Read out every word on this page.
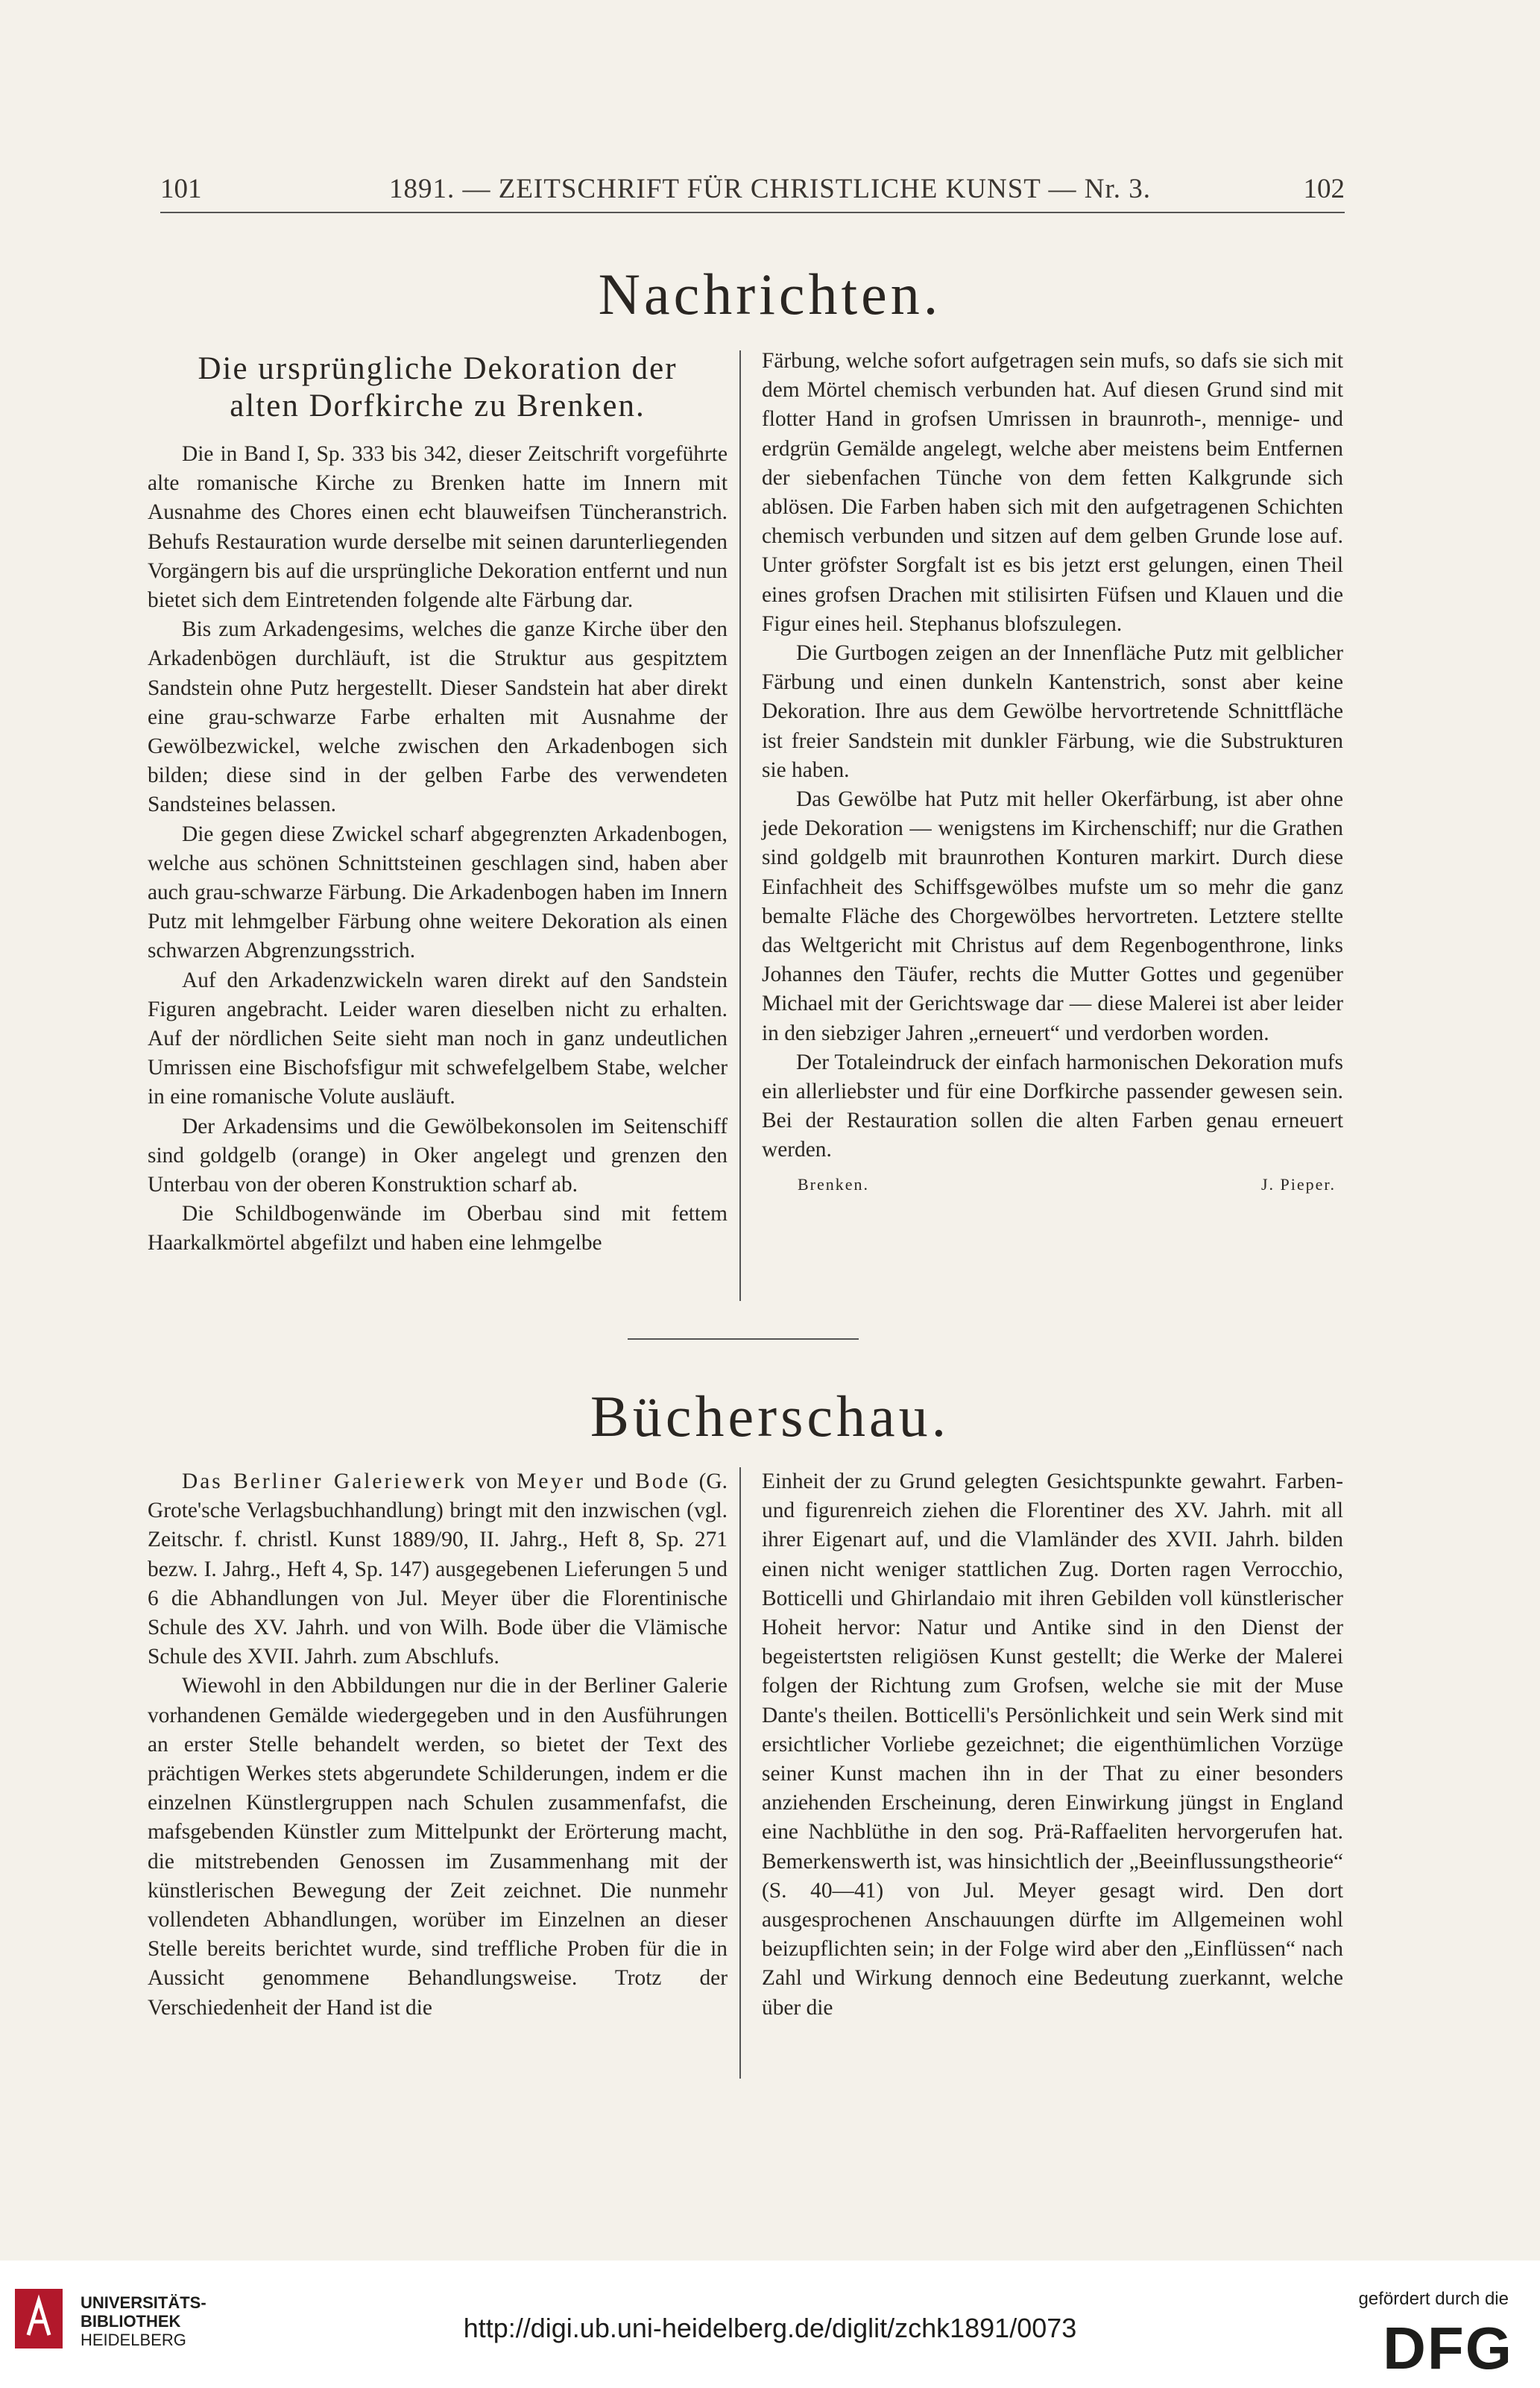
101	1891. — ZEITSCHRIFT FÜR CHRISTLICHE KUNST — Nr. 3.	102
Nachrichten.
Die ursprüngliche Dekoration der
alten Dorfkirche zu Brenken.

Die in Band I, Sp. 333 bis 342, dieser Zeitschrift vorgeführte alte romanische Kirche zu Brenken hatte im Innern mit Ausnahme des Chores einen echt blauweifsen Tüncheranstrich. Behufs Restauration wurde derselbe mit seinen darunterliegenden Vorgängern bis auf die ursprüngliche Dekoration entfernt und nun bietet sich dem Eintretenden folgende alte Färbung dar.

Bis zum Arkadengesims, welches die ganze Kirche über den Arkadenbögen durchläuft, ist die Struktur aus gespitztem Sandstein ohne Putz hergestellt. Dieser Sandstein hat aber direkt eine grau-schwarze Farbe erhalten mit Ausnahme der Gewölbezwickel, welche zwischen den Arkadenbogen sich bilden; diese sind in der gelben Farbe des verwendeten Sandsteines belassen.

Die gegen diese Zwickel scharf abgegrenzten Arkadenbogen, welche aus schönen Schnittsteinen geschlagen sind, haben aber auch grau-schwarze Färbung. Die Arkadenbogen haben im Innern Putz mit lehmgelber Färbung ohne weitere Dekoration als einen schwarzen Abgrenzungsstrich.

Auf den Arkadenzwickeln waren direkt auf den Sandstein Figuren angebracht. Leider waren dieselben nicht zu erhalten. Auf der nördlichen Seite sieht man noch in ganz undeutlichen Umrissen eine Bischofsfigur mit schwefelgelbem Stabe, welcher in eine romanische Volute ausläuft.

Der Arkadensims und die Gewölbekonsolen im Seitenschiff sind goldgelb (orange) in Oker angelegt und grenzen den Unterbau von der oberen Konstruktion scharf ab.

Die Schildbogenwände im Oberbau sind mit fettem Haarkalkmörtel abgefilzt und haben eine lehmgelbe

Färbung, welche sofort aufgetragen sein mufs, so dafs sie sich mit dem Mörtel chemisch verbunden hat. Auf diesen Grund sind mit flotter Hand in grofsen Umrissen in braunroth-, mennige- und erdgrün Gemälde angelegt, welche aber meistens beim Entfernen der siebenfachen Tünche von dem fetten Kalkgrunde sich ablösen. Die Farben haben sich mit den aufgetragenen Schichten chemisch verbunden und sitzen auf dem gelben Grunde lose auf. Unter gröfster Sorgfalt ist es bis jetzt erst gelungen, einen Theil eines grofsen Drachen mit stilisirten Füfsen und Klauen und die Figur eines heil. Stephanus blofszulegen.

Die Gurtbogen zeigen an der Innenfläche Putz mit gelblicher Färbung und einen dunkeln Kantenstrich, sonst aber keine Dekoration. Ihre aus dem Gewölbe hervortretende Schnittfläche ist freier Sandstein mit dunkler Färbung, wie die Substrukturen sie haben.

Das Gewölbe hat Putz mit heller Okerfärbung, ist aber ohne jede Dekoration — wenigstens im Kirchenschiff; nur die Grathen sind goldgelb mit braunrothen Konturen markirt. Durch diese Einfachheit des Schiffsgewölbes mufste um so mehr die ganz bemalte Fläche des Chorgewölbes hervortreten. Letztere stellte das Weltgericht mit Christus auf dem Regenbogenthrone, links Johannes den Täufer, rechts die Mutter Gottes und gegenüber Michael mit der Gerichtswage dar — diese Malerei ist aber leider in den siebziger Jahren „erneuert“ und verdorben worden.

Der Totaleindruck der einfach harmonischen Dekoration mufs ein allerliebster und für eine Dorfkirche passender gewesen sein. Bei der Restauration sollen die alten Farben genau erneuert werden.

Brenken.	J. Pieper.
Bücherschau.

Das Berliner Galeriewerk von Meyer und Bode (G. Grote'sche Verlagsbuchhandlung) bringt mit den inzwischen (vgl. Zeitschr. f. christl. Kunst 1889/90, II. Jahrg., Heft 8, Sp. 271 bezw. I. Jahrg., Heft 4, Sp. 147) ausgegebenen Lieferungen 5 und 6 die Abhandlungen von Jul. Meyer über die Florentinische Schule des XV. Jahrh. und von Wilh. Bode über die Vlämische Schule des XVII. Jahrh. zum Abschlufs.

Wiewohl in den Abbildungen nur die in der Berliner Galerie vorhandenen Gemälde wiedergegeben und in den Ausführungen an erster Stelle behandelt werden, so bietet der Text des prächtigen Werkes stets abgerundete Schilderungen, indem er die einzelnen Künstlergruppen nach Schulen zusammenfafst, die mafsgebenden Künstler zum Mittelpunkt der Erörterung macht, die mitstrebenden Genossen im Zusammenhang mit der künstlerischen Bewegung der Zeit zeichnet. Die nunmehr vollendeten Abhandlungen, worüber im Einzelnen an dieser Stelle bereits berichtet wurde, sind treffliche Proben für die in Aussicht genommene Behandlungsweise. Trotz der Verschiedenheit der Hand ist die

Einheit der zu Grund gelegten Gesichtspunkte gewahrt. Farben- und figurenreich ziehen die Florentiner des XV. Jahrh. mit all ihrer Eigenart auf, und die Vlamländer des XVII. Jahrh. bilden einen nicht weniger stattlichen Zug. Dorten ragen Verrocchio, Botticelli und Ghirlandaio mit ihren Gebilden voll künstlerischer Hoheit hervor: Natur und Antike sind in den Dienst der begeistertsten religiösen Kunst gestellt; die Werke der Malerei folgen der Richtung zum Grofsen, welche sie mit der Muse Dante's theilen. Botticelli's Persönlichkeit und sein Werk sind mit ersichtlicher Vorliebe gezeichnet; die eigenthümlichen Vorzüge seiner Kunst machen ihn in der That zu einer besonders anziehenden Erscheinung, deren Einwirkung jüngst in England eine Nachblüthe in den sog. Prä-Raffaeliten hervorgerufen hat. Bemerkenswerth ist, was hinsichtlich der „Beeinflussungstheorie“ (S. 40—41) von Jul. Meyer gesagt wird. Den dort ausgesprochenen Anschauungen dürfte im Allgemeinen wohl beizupflichten sein; in der Folge wird aber den „Einflüssen“ nach Zahl und Wirkung dennoch eine Bedeutung zuerkannt, welche über die

UNIVERSITÄTS-
BIBLIOTHEK
HEIDELBERG	http://digi.ub.uni-heidelberg.de/diglit/zchk1891/0073
gefördert durch die
DFG
